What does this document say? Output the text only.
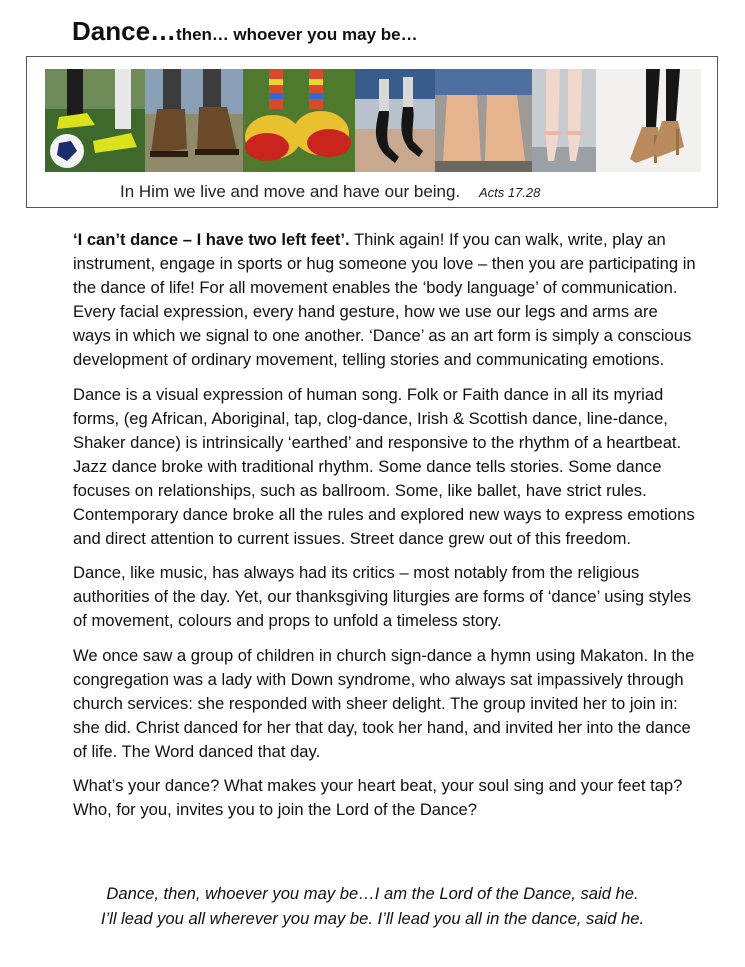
Dance…then… whoever you may be…
In Him we live and move and have our being. Acts 17.28

‘I can’t dance – I have two left feet’. Think again! If you can walk, write, play an instrument, engage in sports or hug someone you love – then you are participating in the dance of life! For all movement enables the ‘body language’ of communication. Every facial expression, every hand gesture, how we use our legs and arms are ways in which we signal to one another. ‘Dance’ as an art form is simply a conscious development of ordinary movement, telling stories and communicating emotions.

Dance is a visual expression of human song. Folk or Faith dance in all its myriad forms, (eg African, Aboriginal, tap, clog-dance, Irish & Scottish dance, line-dance, Shaker dance) is intrinsically ‘earthed’ and responsive to the rhythm of a heartbeat. Jazz dance broke with traditional rhythm. Some dance tells stories. Some dance focuses on relationships, such as ballroom. Some, like ballet, have strict rules. Contemporary dance broke all the rules and explored new ways to express emotions and direct attention to current issues. Street dance grew out of this freedom.

Dance, like music, has always had its critics – most notably from the religious authorities of the day. Yet, our thanksgiving liturgies are forms of ‘dance’ using styles of movement, colours and props to unfold a timeless story.

We once saw a group of children in church sign-dance a hymn using Makaton. In the congregation was a lady with Down syndrome, who always sat impassively through church services: she responded with sheer delight. The group invited her to join in: she did. Christ danced for her that day, took her hand, and invited her into the dance of life. The Word danced that day.

What’s your dance? What makes your heart beat, your soul sing and your feet tap? Who, for you, invites you to join the Lord of the Dance?

Dance, then, whoever you may be…I am the Lord of the Dance, said he.
I’ll lead you all wherever you may be. I’ll lead you all in the dance, said he.
